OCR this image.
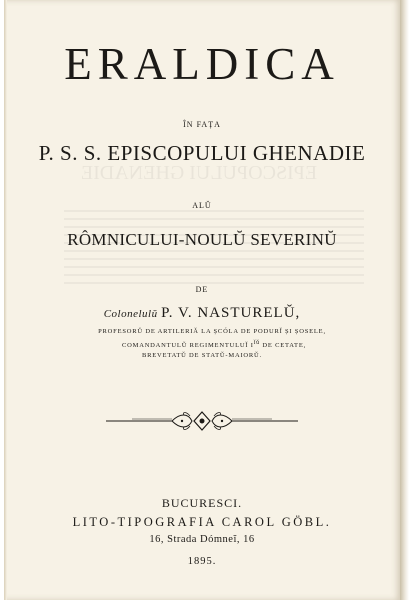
EPISCOPULUI GHENADIE
ERALDICA
ÎN FAȚA
P. S. S. EPISCOPULUI GHENADIE
ALŬ
RÔMNICULUI-NOULŬ SEVERINŬ
DE
Colonelulŭ P. V. NASTURELŬ,
PROFESORŬ DE ARTILERIĂ LA ȘCÓLA DE PODURĬ ȘI ȘOSELE,
COMANDANTULŬ REGIMENTULUĬ Iĭŭ DE CETATE,
BREVETATŬ DE STATŬ-MAIORŬ.
BUCURESCI.
LITO-TIPOGRAFIA CAROL GÖBL.
16, Strada Dómneĭ, 16
1895.
